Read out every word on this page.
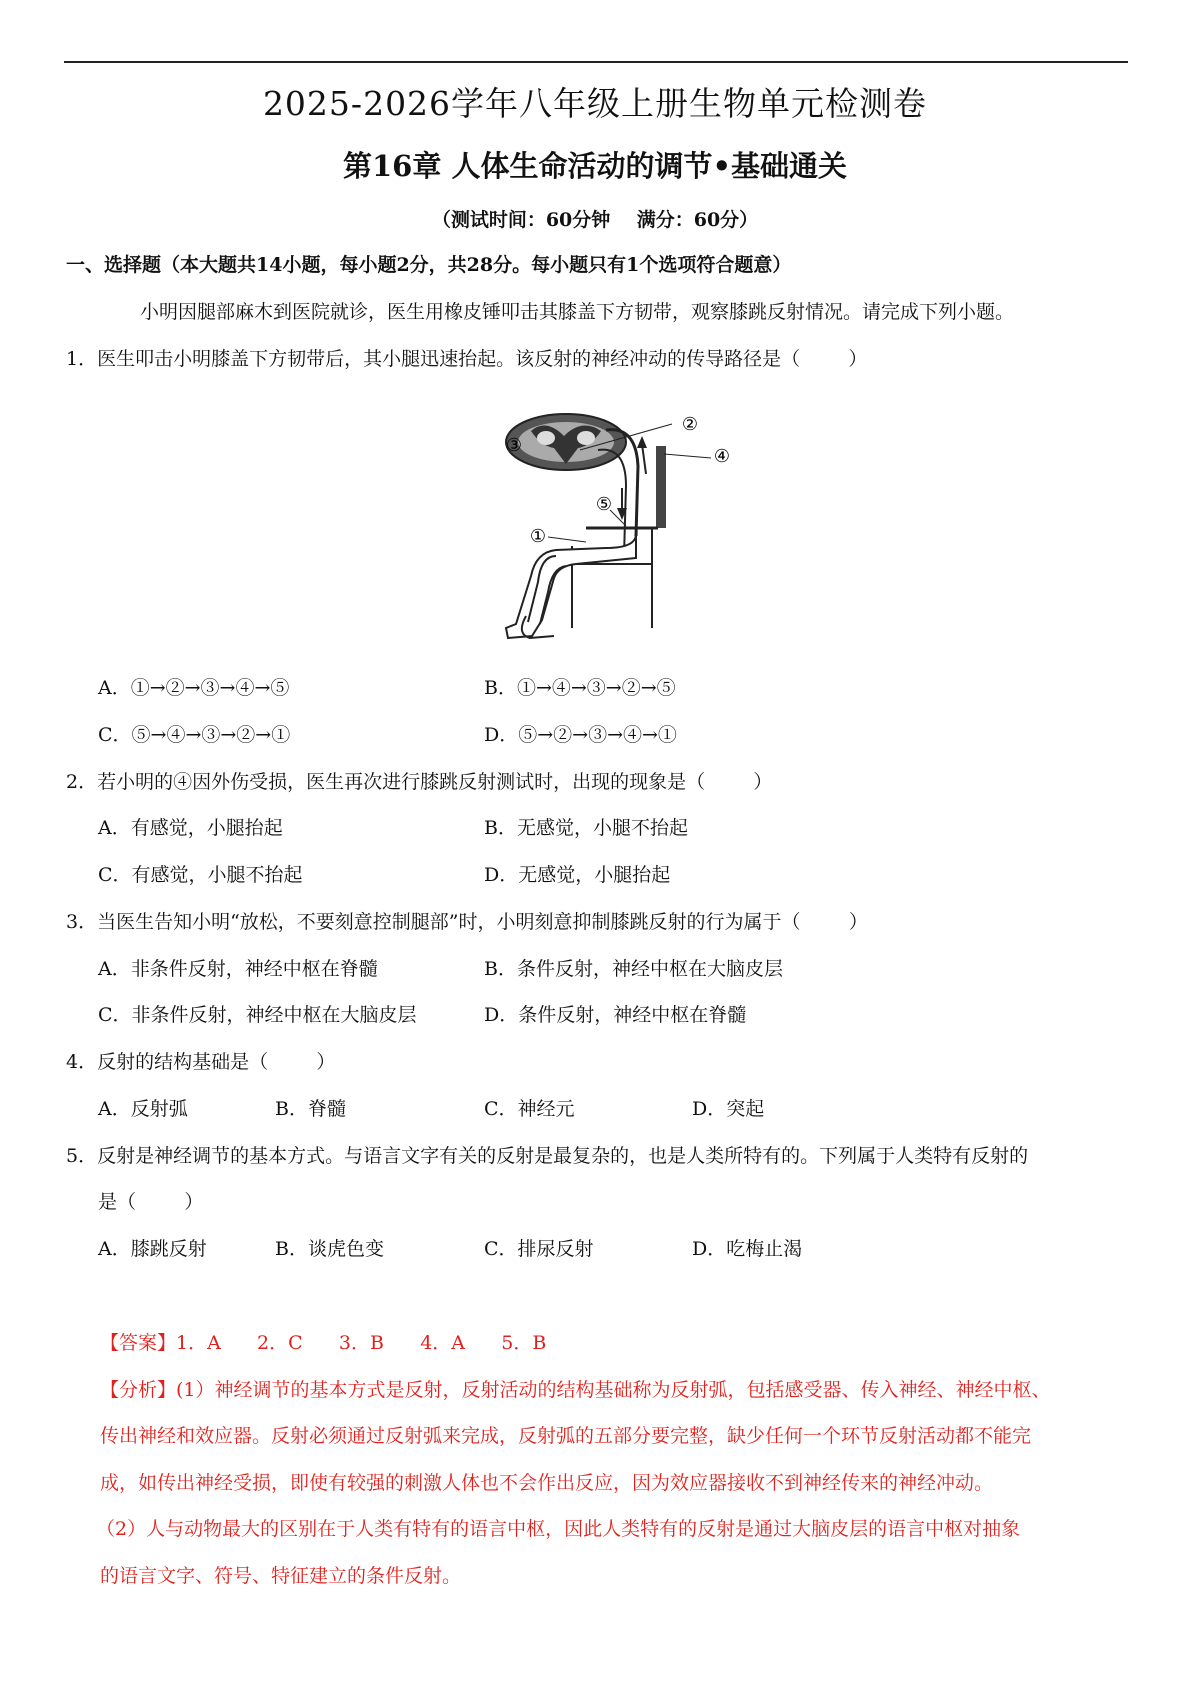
2025-2026学年八年级上册生物单元检测卷
第16章 人体生命活动的调节•基础通关
（测试时间：60分钟    满分：60分）
一、选择题（本大题共14小题，每小题2分，共28分。每小题只有1个选项符合题意）
小明因腿部麻木到医院就诊，医生用橡皮锤叩击其膝盖下方韧带，观察膝跳反射情况。请完成下列小题。
1．医生叩击小明膝盖下方韧带后，其小腿迅速抬起。该反射的神经冲动的传导路径是（        ）
③
②
④
⑤
①
A．①→②→③→④→⑤	B．①→④→③→②→⑤
C．⑤→④→③→②→①	D．⑤→②→③→④→①
2．若小明的④因外伤受损，医生再次进行膝跳反射测试时，出现的现象是（        ）
A．有感觉，小腿抬起	B．无感觉，小腿不抬起
C．有感觉，小腿不抬起	D．无感觉，小腿抬起
3．当医生告知小明“放松，不要刻意控制腿部”时，小明刻意抑制膝跳反射的行为属于（        ）
A．非条件反射，神经中枢在脊髓	B．条件反射，神经中枢在大脑皮层
C．非条件反射，神经中枢在大脑皮层	D．条件反射，神经中枢在脊髓
4．反射的结构基础是（        ）
A．反射弧	B．脊髓	C．神经元	D．突起
5．反射是神经调节的基本方式。与语言文字有关的反射是最复杂的，也是人类所特有的。下列属于人类特有反射的
是（        ）
A．膝跳反射	B．谈虎色变	C．排尿反射	D．吃梅止渴
【答案】1．A      2．C      3．B      4．A      5．B
【分析】(1）神经调节的基本方式是反射，反射活动的结构基础称为反射弧，包括感受器、传入神经、神经中枢、
传出神经和效应器。反射必须通过反射弧来完成，反射弧的五部分要完整，缺少任何一个环节反射活动都不能完
成，如传出神经受损，即使有较强的刺激人体也不会作出反应，因为效应器接收不到神经传来的神经冲动。
（2）人与动物最大的区别在于人类有特有的语言中枢，因此人类特有的反射是通过大脑皮层的语言中枢对抽象
的语言文字、符号、特征建立的条件反射。
